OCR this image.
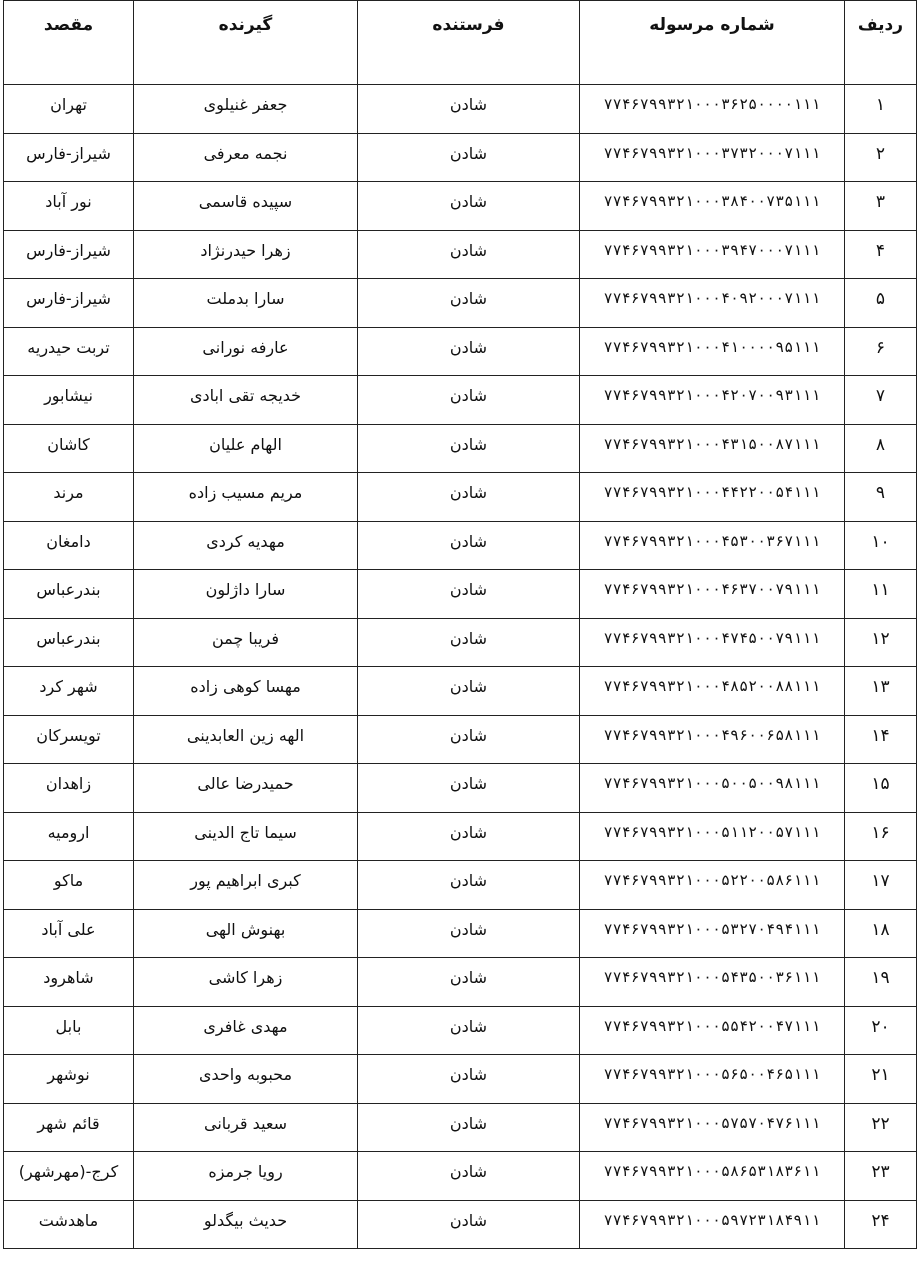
ردیف	شماره مرسوله	فرستنده	گیرنده	مقصد
۱	۷۷۴۶۷۹۹۳۲۱۰۰۰۳۶۲۵۰۰۰۰۱۱۱	شادن	جعفر غنیلوی	تهران
۲	۷۷۴۶۷۹۹۳۲۱۰۰۰۳۷۳۲۰۰۰۷۱۱۱	شادن	نجمه معرفی	شیراز-فارس
۳	۷۷۴۶۷۹۹۳۲۱۰۰۰۳۸۴۰۰۷۳۵۱۱۱	شادن	سپیده قاسمی	نور آباد
۴	۷۷۴۶۷۹۹۳۲۱۰۰۰۳۹۴۷۰۰۰۷۱۱۱	شادن	زهرا حیدرنژاد	شیراز-فارس
۵	۷۷۴۶۷۹۹۳۲۱۰۰۰۴۰۹۲۰۰۰۷۱۱۱	شادن	سارا بدملت	شیراز-فارس
۶	۷۷۴۶۷۹۹۳۲۱۰۰۰۴۱۰۰۰۰۹۵۱۱۱	شادن	عارفه نورانی	تربت حیدریه
۷	۷۷۴۶۷۹۹۳۲۱۰۰۰۴۲۰۷۰۰۹۳۱۱۱	شادن	خدیجه تقی ابادی	نیشابور
۸	۷۷۴۶۷۹۹۳۲۱۰۰۰۴۳۱۵۰۰۸۷۱۱۱	شادن	الهام علیان	کاشان
۹	۷۷۴۶۷۹۹۳۲۱۰۰۰۴۴۲۲۰۰۵۴۱۱۱	شادن	مریم مسیب زاده	مرند
۱۰	۷۷۴۶۷۹۹۳۲۱۰۰۰۴۵۳۰۰۳۶۷۱۱۱	شادن	مهدیه کردی	دامغان
۱۱	۷۷۴۶۷۹۹۳۲۱۰۰۰۴۶۳۷۰۰۷۹۱۱۱	شادن	سارا داژلون	بندرعباس
۱۲	۷۷۴۶۷۹۹۳۲۱۰۰۰۴۷۴۵۰۰۷۹۱۱۱	شادن	فریبا چمن	بندرعباس
۱۳	۷۷۴۶۷۹۹۳۲۱۰۰۰۴۸۵۲۰۰۸۸۱۱۱	شادن	مهسا کوهی زاده	شهر کرد
۱۴	۷۷۴۶۷۹۹۳۲۱۰۰۰۴۹۶۰۰۶۵۸۱۱۱	شادن	الهه زین العابدینی	تویسرکان
۱۵	۷۷۴۶۷۹۹۳۲۱۰۰۰۵۰۰۵۰۰۹۸۱۱۱	شادن	حمیدرضا عالی	زاهدان
۱۶	۷۷۴۶۷۹۹۳۲۱۰۰۰۵۱۱۲۰۰۵۷۱۱۱	شادن	سیما تاج الدینی	ارومیه
۱۷	۷۷۴۶۷۹۹۳۲۱۰۰۰۵۲۲۰۰۵۸۶۱۱۱	شادن	کبری ابراهیم پور	ماکو
۱۸	۷۷۴۶۷۹۹۳۲۱۰۰۰۵۳۲۷۰۴۹۴۱۱۱	شادن	بهنوش الهی	علی آباد
۱۹	۷۷۴۶۷۹۹۳۲۱۰۰۰۵۴۳۵۰۰۳۶۱۱۱	شادن	زهرا کاشی	شاهرود
۲۰	۷۷۴۶۷۹۹۳۲۱۰۰۰۵۵۴۲۰۰۴۷۱۱۱	شادن	مهدی غافری	بابل
۲۱	۷۷۴۶۷۹۹۳۲۱۰۰۰۵۶۵۰۰۴۶۵۱۱۱	شادن	محبوبه واحدی	نوشهر
۲۲	۷۷۴۶۷۹۹۳۲۱۰۰۰۵۷۵۷۰۴۷۶۱۱۱	شادن	سعید قربانی	قائم شهر
۲۳	۷۷۴۶۷۹۹۳۲۱۰۰۰۵۸۶۵۳۱۸۳۶۱۱	شادن	رویا جرمزه	کرج-(مهرشهر)
۲۴	۷۷۴۶۷۹۹۳۲۱۰۰۰۵۹۷۲۳۱۸۴۹۱۱	شادن	حدیث بیگدلو	ماهدشت
